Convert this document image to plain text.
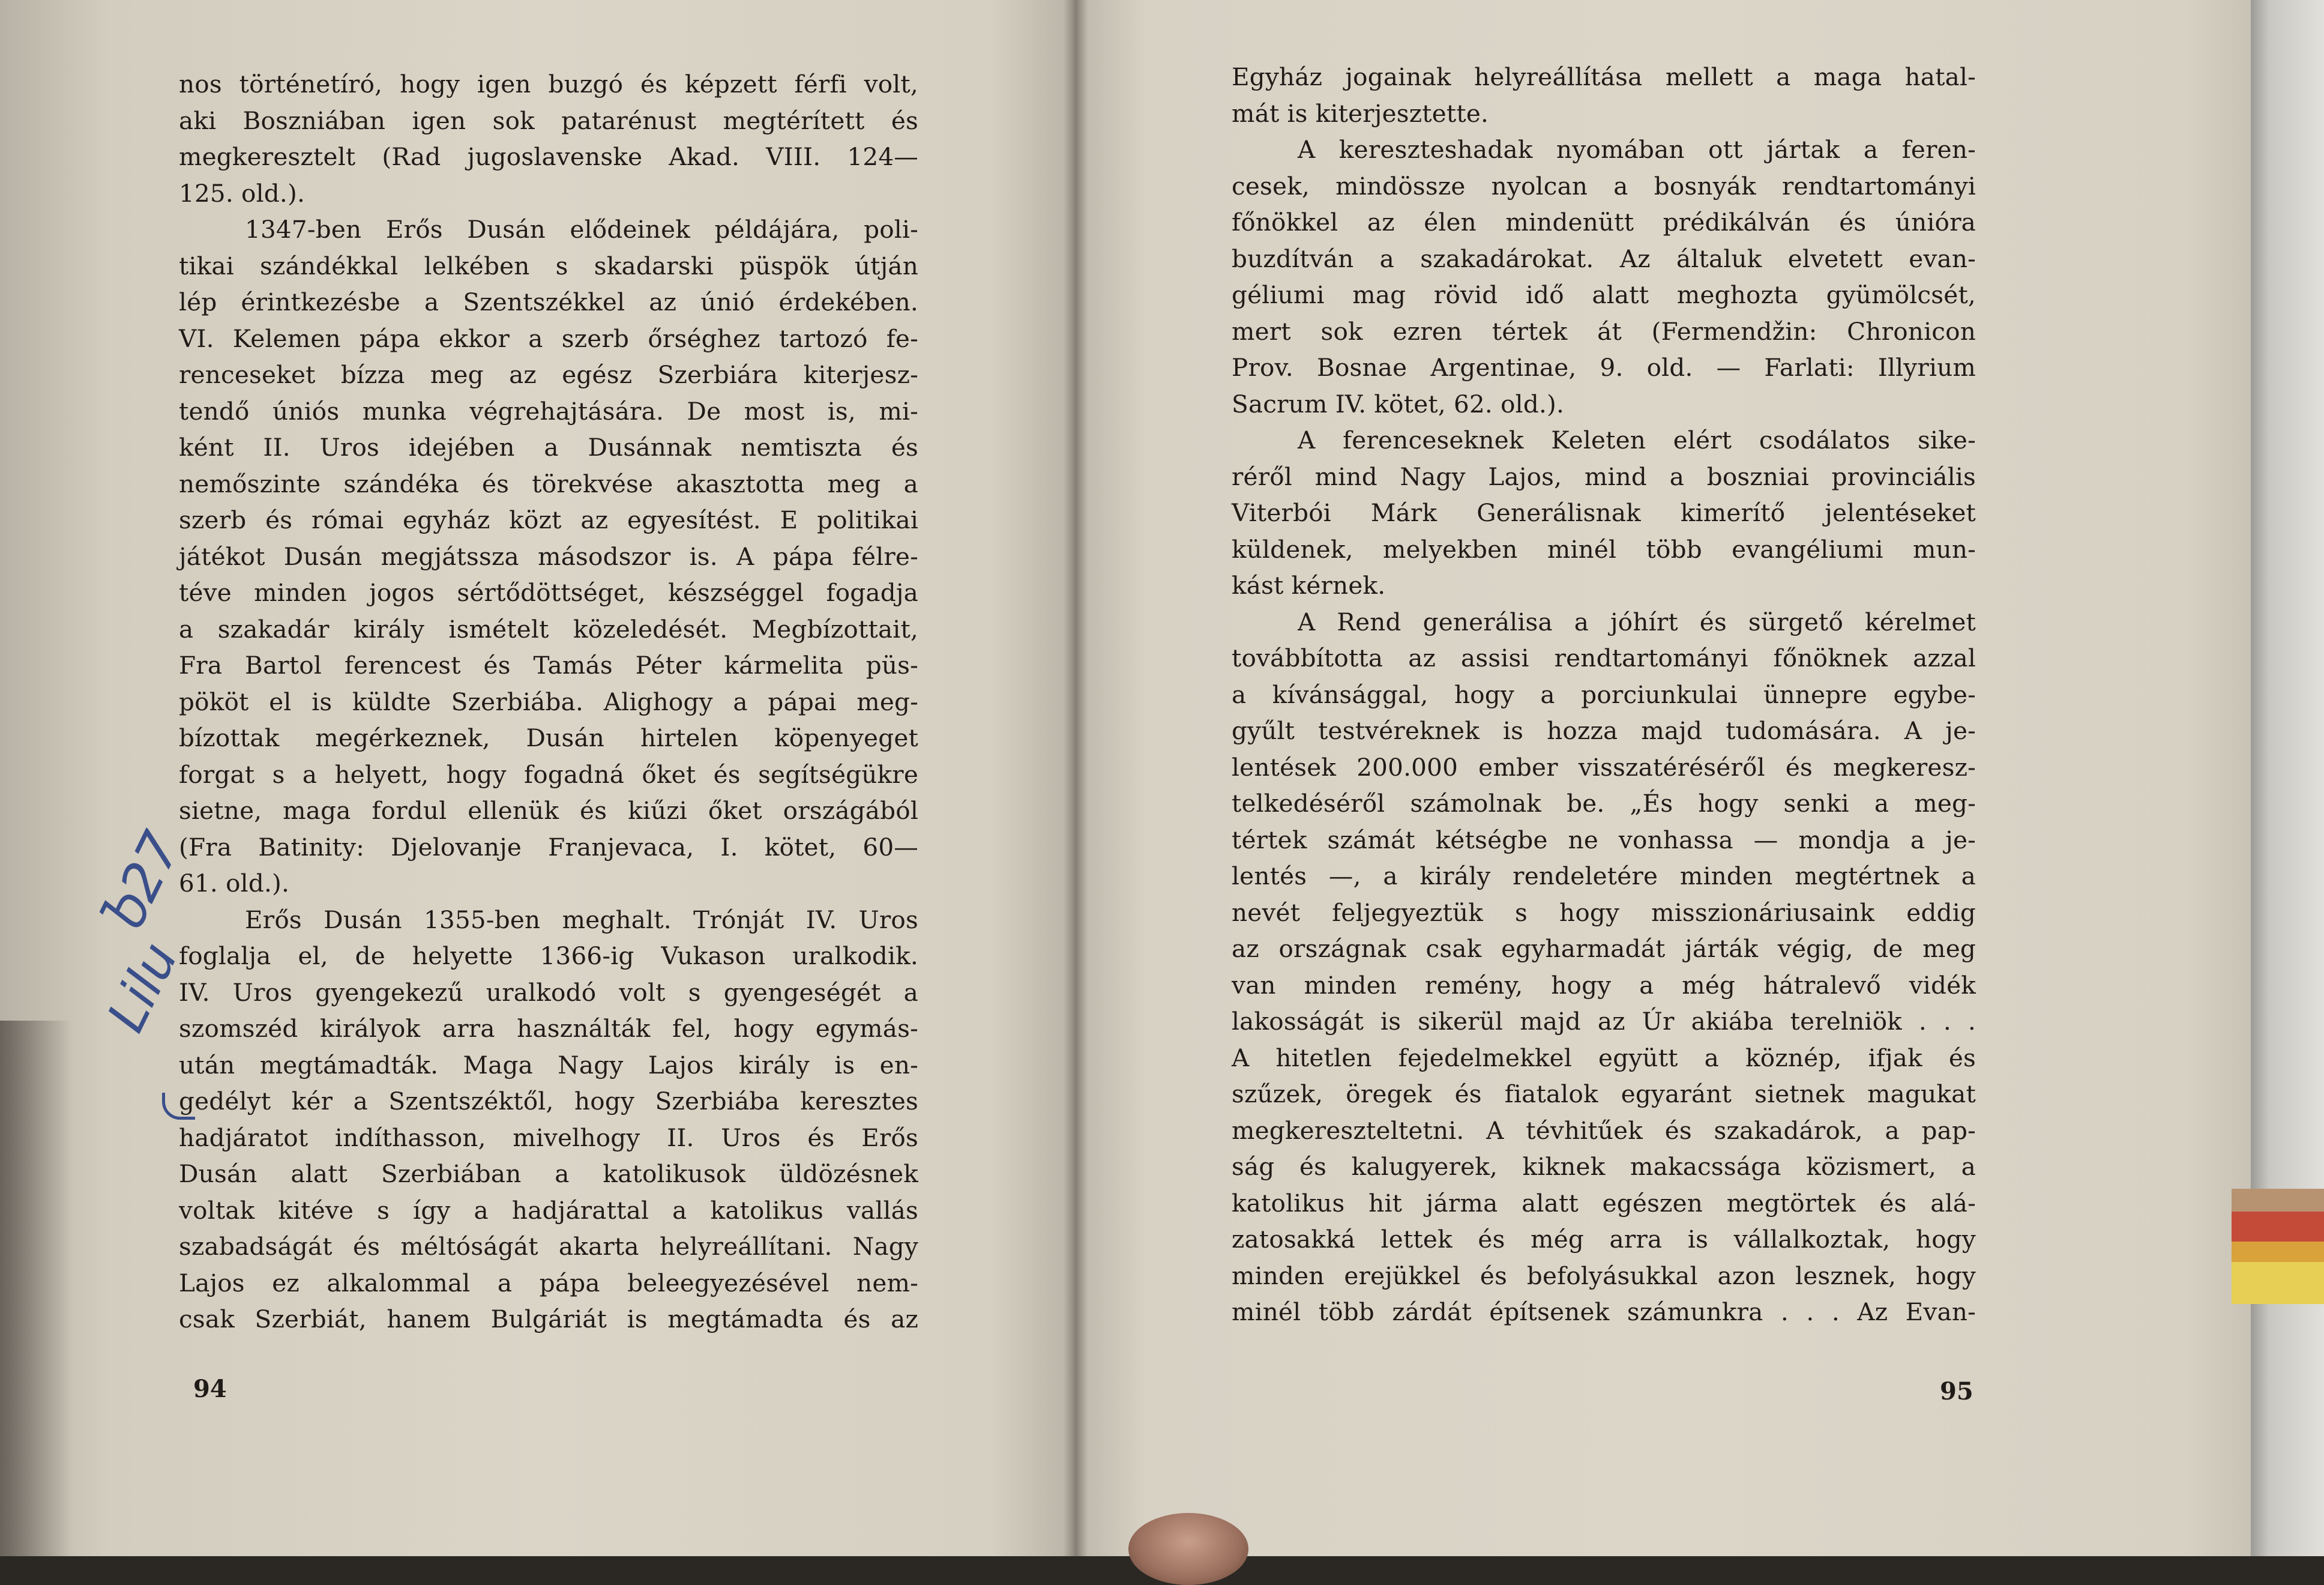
nos történetíró, hogy igen buzgó és képzett férfi volt,
aki Boszniában igen sok patarénust megtérített és
megkeresztelt (Rad jugoslavenske Akad. VIII. 124—
125. old.).
1347-ben Erős Dusán elődeinek példájára, poli-
tikai szándékkal lelkében s skadarski püspök útján
lép érintkezésbe a Szentszékkel az únió érdekében.
VI. Kelemen pápa ekkor a szerb őrséghez tartozó fe-
renceseket bízza meg az egész Szerbiára kiterjesz-
tendő úniós munka végrehajtására. De most is, mi-
ként II. Uros idejében a Dusánnak nemtiszta és
nemőszinte szándéka és törekvése akasztotta meg a
szerb és római egyház közt az egyesítést. E politikai
játékot Dusán megjátssza másodszor is. A pápa félre-
téve minden jogos sértődöttséget, készséggel fogadja
a szakadár király ismételt közeledését. Megbízottait,
Fra Bartol ferencest és Tamás Péter kármelita püs-
pököt el is küldte Szerbiába. Alighogy a pápai meg-
bízottak megérkeznek, Dusán hirtelen köpenyeget
forgat s a helyett, hogy fogadná őket és segítségükre
sietne, maga fordul ellenük és kiűzi őket országából
(Fra Batinity: Djelovanje Franjevaca, I. kötet, 60—
61. old.).
Erős Dusán 1355-ben meghalt. Trónját IV. Uros
foglalja el, de helyette 1366-ig Vukason uralkodik.
IV. Uros gyengekezű uralkodó volt s gyengeségét a
szomszéd királyok arra használták fel, hogy egymás-
után megtámadták. Maga Nagy Lajos király is en-
gedélyt kér a Szentszéktől, hogy Szerbiába keresztes
hadjáratot indíthasson, mivelhogy II. Uros és Erős
Dusán alatt Szerbiában a katolikusok üldözésnek
voltak kitéve s így a hadjárattal a katolikus vallás
szabadságát és méltóságát akarta helyreállítani. Nagy
Lajos ez alkalommal a pápa beleegyezésével nem-
csak Szerbiát, hanem Bulgáriát is megtámadta és az
94
Ⴆ27
Lilu
Egyház jogainak helyreállítása mellett a maga hatal-
mát is kiterjesztette.
A kereszteshadak nyomában ott jártak a feren-
cesek, mindössze nyolcan a bosnyák rendtartományi
főnökkel az élen mindenütt prédikálván és únióra
buzdítván a szakadárokat. Az általuk elvetett evan-
géliumi mag rövid idő alatt meghozta gyümölcsét,
mert sok ezren tértek át (Fermendžin: Chronicon
Prov. Bosnae Argentinae, 9. old. — Farlati: Illyrium
Sacrum IV. kötet, 62. old.).
A ferenceseknek Keleten elért csodálatos sike-
réről mind Nagy Lajos, mind a boszniai provinciális
Viterbói Márk Generálisnak kimerítő jelentéseket
küldenek, melyekben minél több evangéliumi mun-
kást kérnek.
A Rend generálisa a jóhírt és sürgető kérelmet
továbbította az assisi rendtartományi főnöknek azzal
a kívánsággal, hogy a porciunkulai ünnepre egybe-
gyűlt testvéreknek is hozza majd tudomására. A je-
lentések 200.000 ember visszatéréséről és megkeresz-
telkedéséről számolnak be. „És hogy senki a meg-
tértek számát kétségbe ne vonhassa — mondja a je-
lentés —, a király rendeletére minden megtértnek a
nevét feljegyeztük s hogy misszionáriusaink eddig
az országnak csak egyharmadát járták végig, de meg
van minden remény, hogy a még hátralevő vidék
lakosságát is sikerül majd az Úr akiába terelniök . . .
A hitetlen fejedelmekkel együtt a köznép, ifjak és
szűzek, öregek és fiatalok egyaránt sietnek magukat
megkereszteltetni. A tévhitűek és szakadárok, a pap-
ság és kalugyerek, kiknek makacssága közismert, a
katolikus hit járma alatt egészen megtörtek és alá-
zatosakká lettek és még arra is vállalkoztak, hogy
minden erejükkel és befolyásukkal azon lesznek, hogy
minél több zárdát építsenek számunkra . . . Az Evan-
95
